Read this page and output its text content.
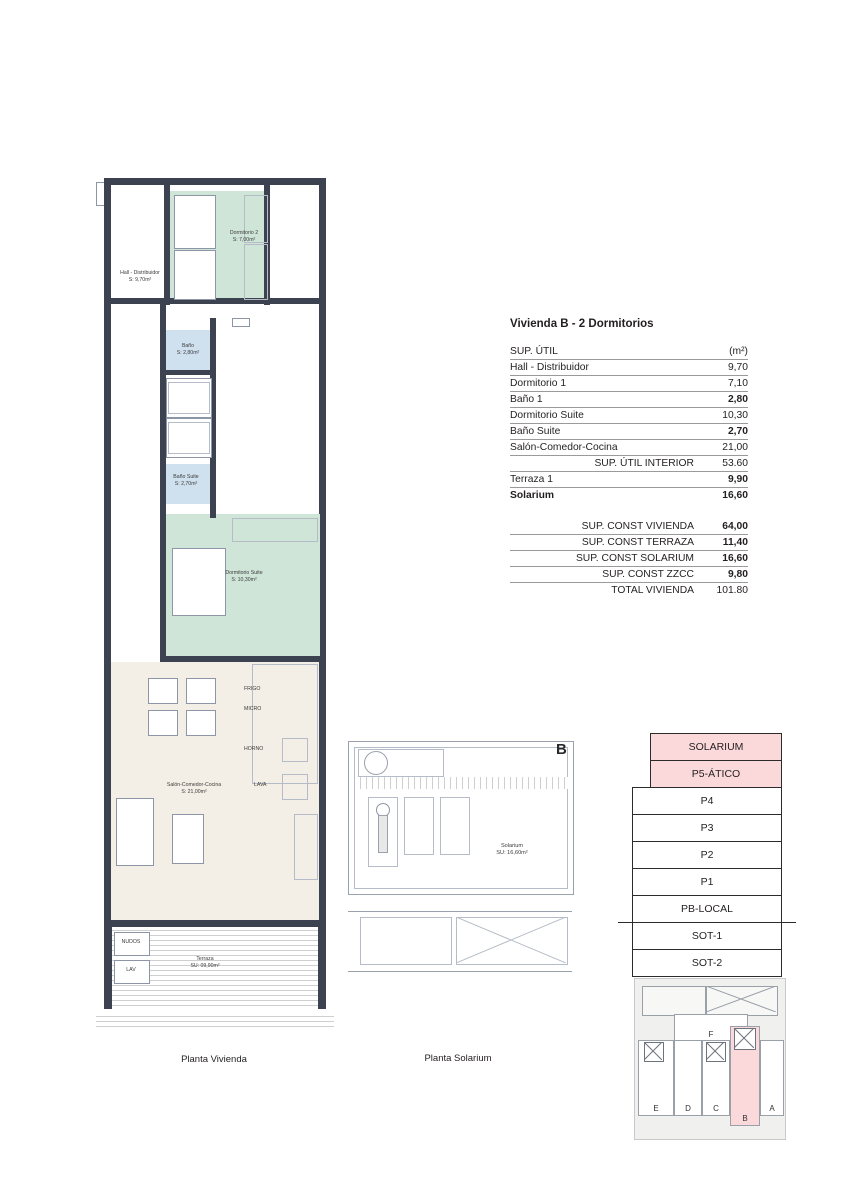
Hall - Distribuidor
S: 9,70m²
Dormitorio 2
S: 7,00m²
Baño
S: 2,80m²
Baño Suite
S: 2,70m²
Dormitorio Suite
S: 10,30m²
FRIGO
MICRO
HORNO
LAVA
Salón-Comedor-Cocina
S: 21,00m²
NUDOS
LAV
Terraza
SU: 09,90m²
Planta Vivienda
Vivienda B - 2 Dormitorios
SUP. ÚTIL	(m²)
Hall - Distribuidor	9,70
Dormitorio 1	7,10
Baño 1	2,80
Dormitorio Suite	10,30
Baño Suite	2,70
Salón-Comedor-Cocina	21,00
SUP. ÚTIL INTERIOR	53.60
Terraza 1	9,90
Solarium	16,60

SUP. CONST VIVIENDA	64,00
SUP. CONST TERRAZA	11,40
SUP. CONST SOLARIUM	16,60
SUP. CONST ZZCC	9,80
TOTAL VIVIENDA	101.80
B
Solarium
SU: 16,60m²
Planta Solarium
SOLARIUM
P5-ÁTICO
P4
P3
P2
P1
PB-LOCAL
SOT-1
SOT-2
F
E	D	C
B
A
